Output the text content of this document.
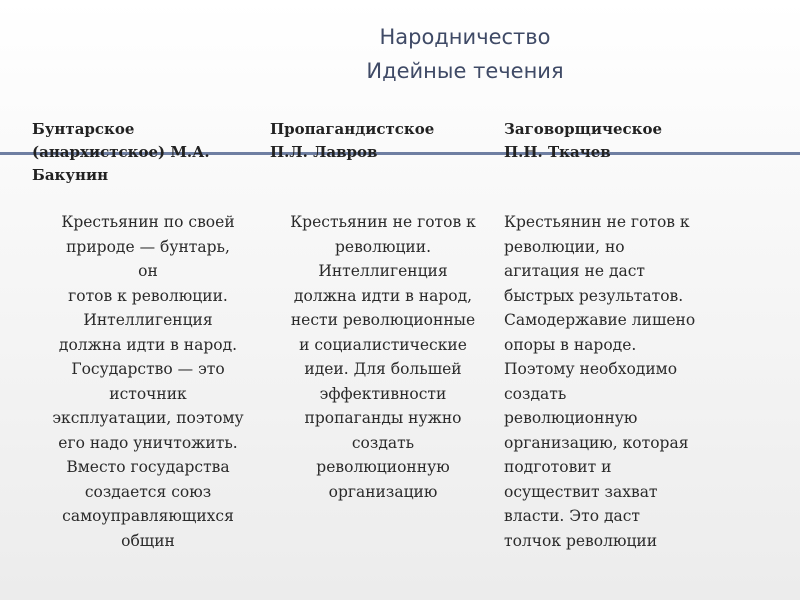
Народничество
Идейные течения
Бунтарское
(анархистское) М.А.
Бакунин
Крестьянин по своей
природе — бунтарь,
он
готов к революции.
Интеллигенция
должна идти в народ.
Государство — это
источник
эксплуатации, поэтому
его надо уничтожить.
Вместо государства
создается союз
самоуправляющихся
общин
Пропагандистское
П.Л. Лавров
Крестьянин не готов к
революции.
Интеллигенция
должна идти в народ,
нести революционные
и социалистические
идеи. Для большей
эффективности
пропаганды нужно
создать
революционную
организацию
Заговорщическое
П.Н. Ткачев
Крестьянин не готов к
революции, но
агитация не даст
быстрых результатов.
Самодержавие лишено
опоры в народе.
Поэтому необходимо
создать
революционную
организацию, которая
подготовит и
осуществит захват
власти. Это даст
толчок революции
